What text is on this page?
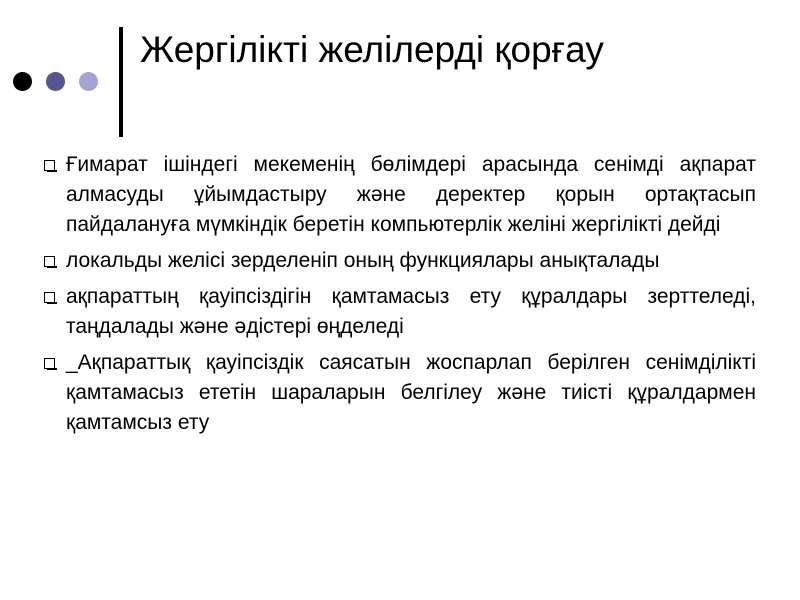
Жергілікті желілерді қорғау
Ғимарат ішіндегі мекеменің бөлімдері арасында сенімді ақпарат алмасуды ұйымдастыру және деректер қорын ортақтасып пайдалануға мүмкіндік беретін компьютерлік желіні жергілікті дейді
локальды желісі зерделеніп оның функциялары анықталады
ақпараттың қауіпсіздігін қамтамасыз ету құралдары зерттеледі, таңдалады және әдістері өңделеді
_Ақпараттық қауіпсіздік саясатын жоспарлап берілген сенімділікті қамтамасыз ететін шараларын белгілеу және тиісті құралдармен қамтамсыз ету
